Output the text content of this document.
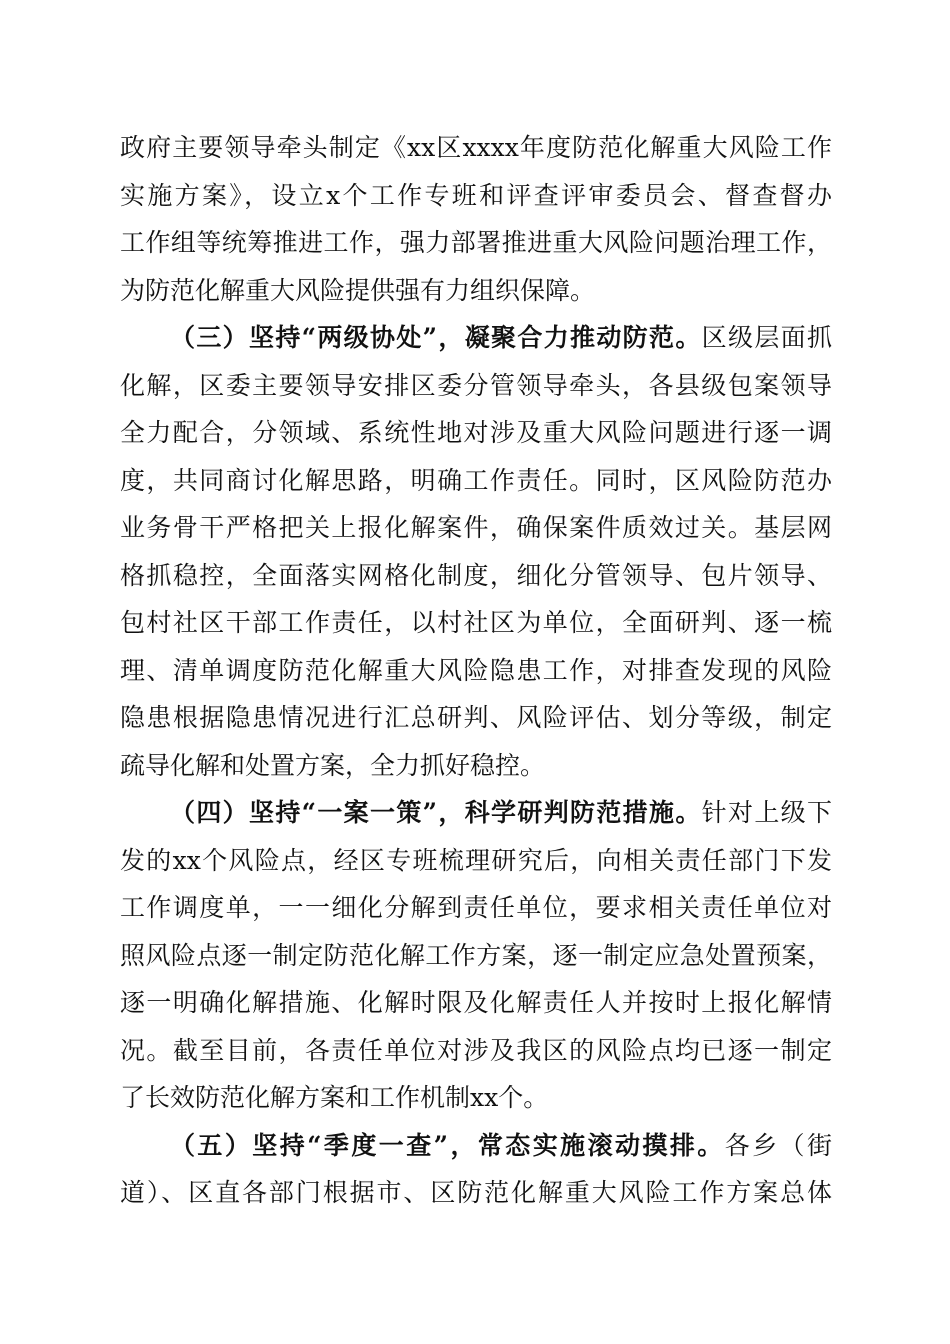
政府主要领导牵头制定《xx区xxxx年度防范化解重大风险工作
实施方案》，设立x个工作专班和评查评审委员会、督查督办
工作组等统筹推进工作，强力部署推进重大风险问题治理工作，
为防范化解重大风险提供强有力组织保障。
（三）坚持“两级协处”，凝聚合力推动防范。区级层面抓
化解，区委主要领导安排区委分管领导牵头，各县级包案领导
全力配合，分领域、系统性地对涉及重大风险问题进行逐一调
度，共同商讨化解思路，明确工作责任。同时，区风险防范办
业务骨干严格把关上报化解案件，确保案件质效过关。基层网
格抓稳控，全面落实网格化制度，细化分管领导、包片领导、
包村社区干部工作责任，以村社区为单位，全面研判、逐一梳
理、清单调度防范化解重大风险隐患工作，对排查发现的风险
隐患根据隐患情况进行汇总研判、风险评估、划分等级，制定
疏导化解和处置方案，全力抓好稳控。
（四）坚持“一案一策”，科学研判防范措施。针对上级下
发的xx个风险点，经区专班梳理研究后，向相关责任部门下发
工作调度单，一一细化分解到责任单位，要求相关责任单位对
照风险点逐一制定防范化解工作方案，逐一制定应急处置预案，
逐一明确化解措施、化解时限及化解责任人并按时上报化解情
况。截至目前，各责任单位对涉及我区的风险点均已逐一制定
了长效防范化解方案和工作机制xx个。
（五）坚持“季度一查”，常态实施滚动摸排。各乡（街
道）、区直各部门根据市、区防范化解重大风险工作方案总体
